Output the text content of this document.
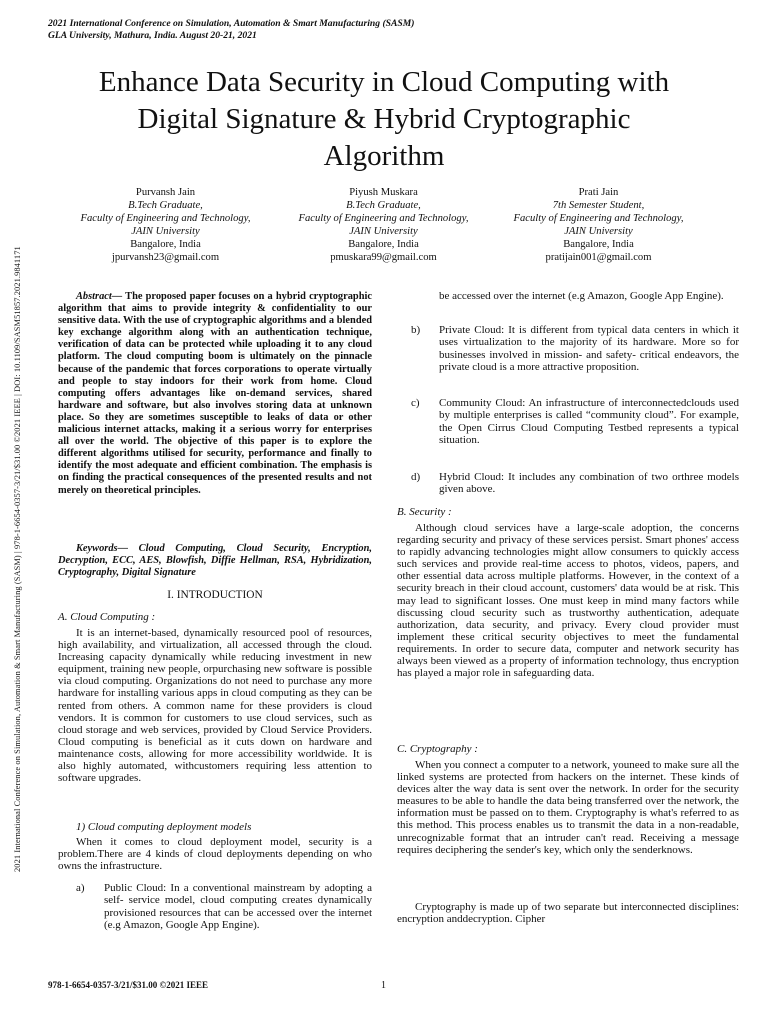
2021 International Conference on Simulation, Automation & Smart Manufacturing (SASM)
GLA University, Mathura, India. August 20-21, 2021
Enhance Data Security in Cloud Computing with
Digital Signature & Hybrid Cryptographic
Algorithm
Purvansh Jain
B.Tech Graduate,
Faculty of Engineering and Technology,
JAIN University
Bangalore, India
jpurvansh23@gmail.com
Piyush Muskara
B.Tech Graduate,
Faculty of Engineering and Technology,
JAIN University
Bangalore, India
pmuskara99@gmail.com
Prati Jain
7th Semester Student,
Faculty of Engineering and Technology,
JAIN University
Bangalore, India
pratijain001@gmail.com
2021 International Conference on Simulation, Automation & Smart Manufacturing (SASM) | 978-1-6654-0357-3/21/$31.00 ©2021 IEEE | DOI: 10.1109/SASM51857.2021.9841171	Abstract— The proposed paper focuses on a hybrid cryptographic algorithm that aims to provide integrity & confidentiality to our sensitive data. With the use of cryptographic algorithms and a blended key exchange algorithm along with an authentication technique, verification of data can be protected while uploading it to any cloud platform. The cloud computing boom is ultimately on the pinnacle because of the pandemic that forces corporations to operate virtually and people to stay indoors for their work from home. Cloud computing offers advantages like on-demand services, shared hardware and software, but also involves storing data at unknown place. So they are sometimes susceptible to leaks of data or other malicious internet attacks, making it a serious worry for enterprises all over the world. The objective of this paper is to explore the different algorithms utilised for security, performance and finally to identify the most adequate and efficient combination. The emphasis is on finding the practical consequences of the presented results and not merely on theoretical principles.
Keywords— Cloud Computing, Cloud Security, Encryption, Decryption, ECC, AES, Blowfish, Diffie Hellman, RSA, Hybridization, Cryptography, Digital Signature
I. INTRODUCTION
A. Cloud Computing :

It is an internet-based, dynamically resourced pool of resources, high availability, and virtualization, all accessed through the cloud. Increasing capacity dynamically while reducing investment in new equipment, training new people, orpurchasing new software is possible via cloud computing. Organizations do not need to purchase any more hardware for installing various apps in cloud computing as they can be rented from others. A common name for these providers is cloud vendors. It is common for customers to use cloud services, such as cloud storage and web services, provided by Cloud Service Providers. Cloud computing is beneficial as it cuts down on hardware and maintenance costs, allowing for more accessibility worldwide. It is also highly automated, withcustomers requiring less attention to software upgrades.

1) Cloud computing deployment models

When it comes to cloud deployment model, security is a problem.There are 4 kinds of cloud deployments depending on who owns the infrastructure.

a)	Public Cloud: In a conventional mainstream by adopting a self- service model, cloud computing creates dynamically provisioned resources that can be accessed over the internet (e.g Amazon, Google App Engine).
be accessed over the internet (e.g Amazon, Google App Engine).
b)	Private Cloud: It is different from typical data centers in which it uses virtualization to the majority of its hardware. More so for businesses involved in mission- and safety- critical endeavors, the private cloud is a more attractive proposition.
c)	Community Cloud: An infrastructure of interconnectedclouds used by multiple enterprises is called “community cloud”. For example, the Open Cirrus Cloud Computing Testbed represents a typical situation.
d)	Hybrid Cloud: It includes any combination of two orthree models given above.
B. Security :

Although cloud services have a large-scale adoption, the concerns regarding security and privacy of these services persist. Smart phones' access to rapidly advancing technologies might allow consumers to quickly access such services and provide real-time access to photos, videos, papers, and other essential data across multiple platforms. However, in the context of a security breach in their cloud account, customers' data would be at risk. This may lead to significant losses. One must keep in mind many factors while discussing cloud security such as trustworthy authentication, adequate authorization, data security, and privacy. Every cloud provider must implement these critical security objectives to meet the fundamental requirements. In order to secure data, computer and network security has always been viewed as a property of information technology, thus encryption has played a major role in safeguarding data.

C. Cryptography :

When you connect a computer to a network, youneed to make sure all the linked systems are protected from hackers on the internet. These kinds of devices alter the way data is sent over the network. In order for the security measures to be able to handle the data being transferred over the network, the information must be passed on to them. Cryptography is what's referred to as this method. This process enables us to transmit the data in a non-readable, unrecognizable format that an intruder can't read. Receiving a message requires deciphering the sender's key, which only the senderknows.

Cryptography is made up of two separate but interconnected disciplines: encryption anddecryption. Cipher

978-1-6654-0357-3/21/$31.00 ©2021 IEEE	1
